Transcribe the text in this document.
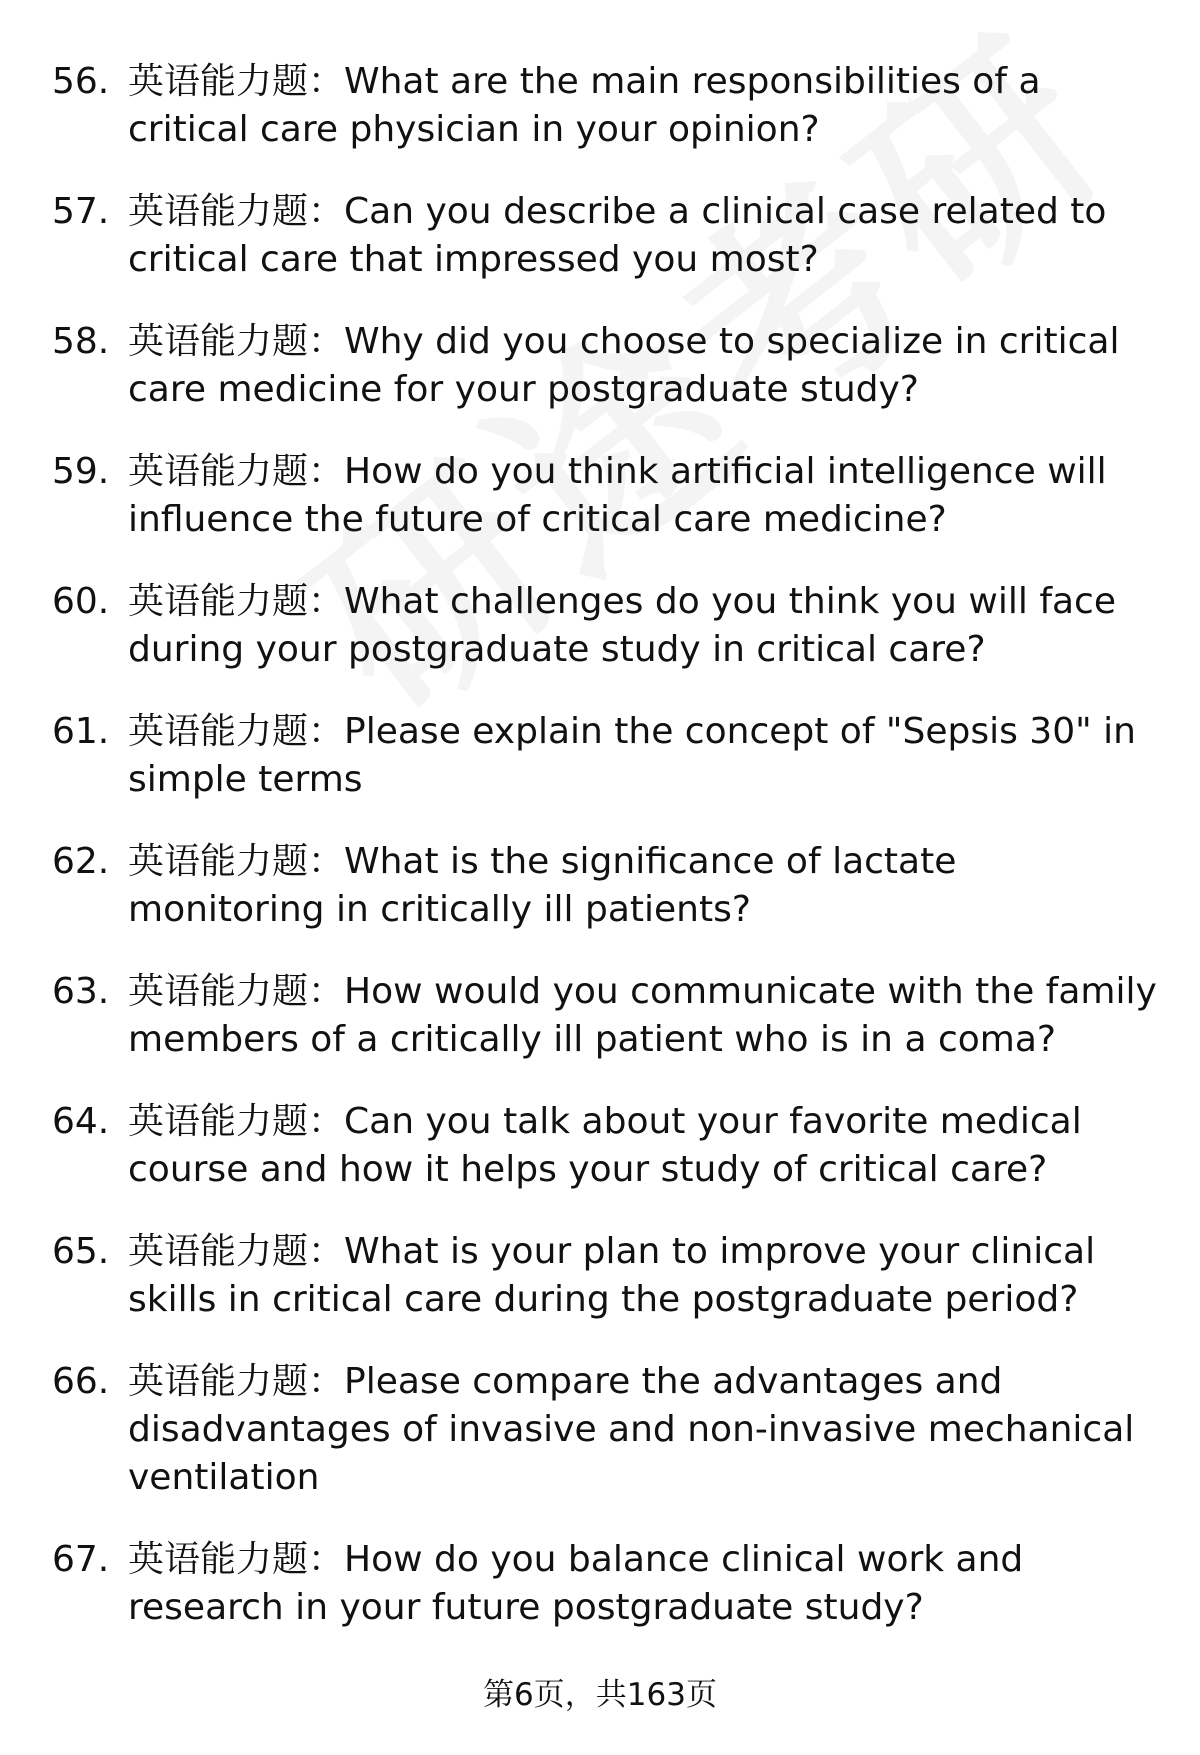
56. 英语能力题：What are the main responsibilities of a critical care physician in your opinion?
57. 英语能力题：Can you describe a clinical case related to critical care that impressed you most?
58. 英语能力题：Why did you choose to specialize in critical care medicine for your postgraduate study?
59. 英语能力题：How do you think artificial intelligence will influence the future of critical care medicine?
60. 英语能力题：What challenges do you think you will face during your postgraduate study in critical care?
61. 英语能力题：Please explain the concept of "Sepsis 30" in simple terms
62. 英语能力题：What is the significance of lactate monitoring in critically ill patients?
63. 英语能力题：How would you communicate with the family members of a critically ill patient who is in a coma?
64. 英语能力题：Can you talk about your favorite medical course and how it helps your study of critical care?
65. 英语能力题：What is your plan to improve your clinical skills in critical care during the postgraduate period?
66. 英语能力题：Please compare the advantages and disadvantages of invasive and non-invasive mechanical ventilation
67. 英语能力题：How do you balance clinical work and research in your future postgraduate study?
第6页，共163页
